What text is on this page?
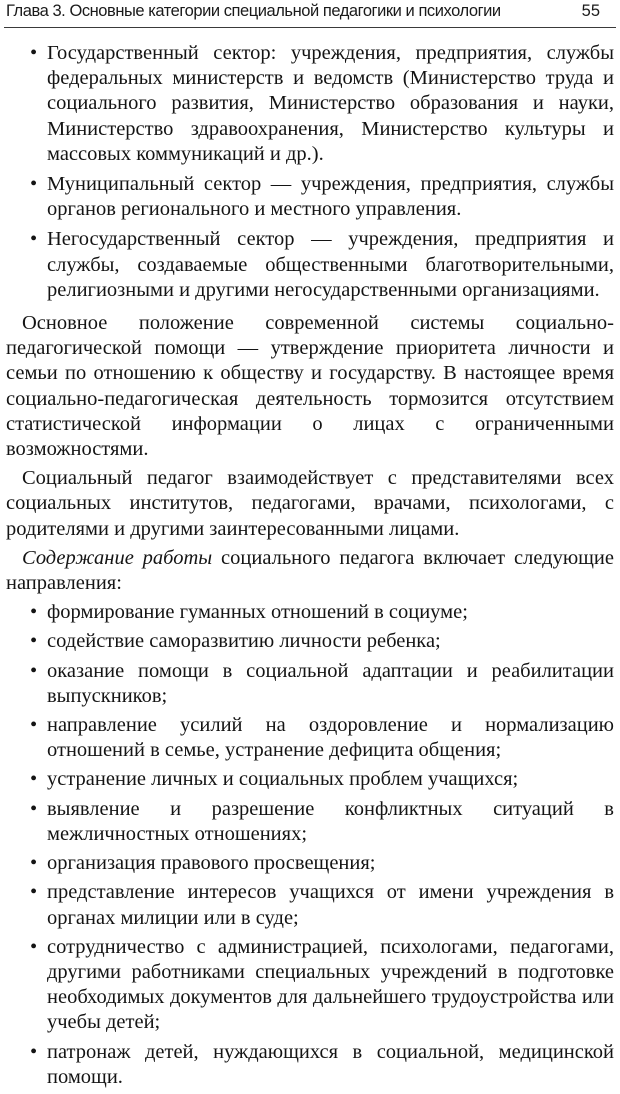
Глава 3. Основные категории специальной педагогики и психологии	55
• Государственный сектор: учреждения, предприятия, службы федеральных министерств и ведомств (Министерство труда и социального развития, Министерство образования и науки, Министерство здравоохранения, Министерство культуры и массовых коммуникаций и др.).
• Муниципальный сектор — учреждения, предприятия, службы органов регионального и местного управления.
• Негосударственный сектор — учреждения, предприятия и службы, создаваемые общественными благотворительными, религиозными и другими негосударственными организациями.

Основное положение современной системы социально-педагогической помощи — утверждение приоритета личности и семьи по отношению к обществу и государству. В настоящее время социально-педагогическая деятельность тормозится отсутствием статистической информации о лицах с ограниченными возможностями.

Социальный педагог взаимодействует с представителями всех социальных институтов, педагогами, врачами, психологами, с родителями и другими заинтересованными лицами.

Содержание работы социального педагога включает следующие направления:

• формирование гуманных отношений в социуме;
• содействие саморазвитию личности ребенка;
• оказание помощи в социальной адаптации и реабилитации выпускников;
• направление усилий на оздоровление и нормализацию отношений в семье, устранение дефицита общения;
• устранение личных и социальных проблем учащихся;
• выявление и разрешение конфликтных ситуаций в межличностных отношениях;
• организация правового просвещения;
• представление интересов учащихся от имени учреждения в органах милиции или в суде;
• сотрудничество с администрацией, психологами, педагогами, другими работниками специальных учреждений в подготовке необходимых документов для дальнейшего трудоустройства или учебы детей;
• патронаж детей, нуждающихся в социальной, медицинской помощи.
